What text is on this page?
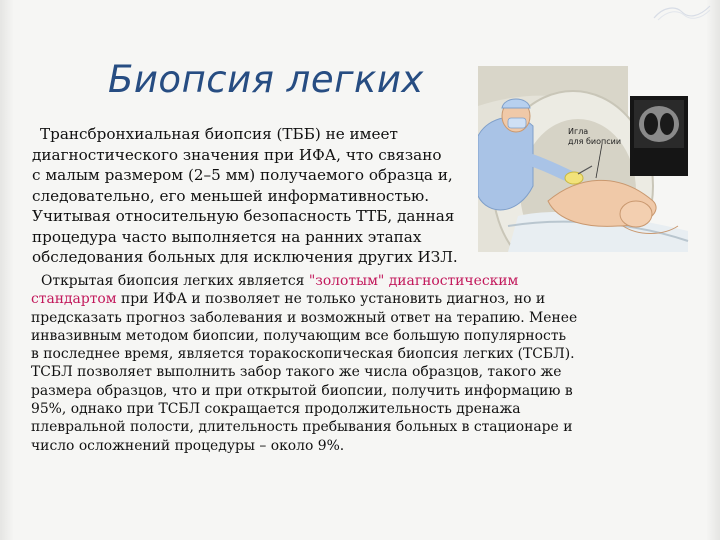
Биопсия легких
Трансбронхиальная биопсия (ТББ) не имеет
диагностического значения при ИФА, что связано
с малым размером (2–5 мм) получаемого образца и,
следовательно, его меньшей информативностью.
Учитывая относительную безопасность ТТБ, данная
процедура часто выполняется на ранних этапах
обследования больных для исключения других ИЗЛ.
Игла
для биопсии
Открытая биопсия легких является "золотым" диагностическим
стандартом при ИФА и позволяет не только установить диагноз, но и
предсказать прогноз заболевания и возможный ответ на терапию. Менее
инвазивным методом биопсии, получающим все большую популярность
в последнее время, является торакоскопическая биопсия легких (ТСБЛ).
ТСБЛ позволяет выполнить забор такого же числа образцов, такого же
размера образцов, что и при открытой биопсии, получить информацию в
95%, однако при ТСБЛ сокращается продолжительность дренажа
плевральной полости, длительность пребывания больных в стационаре и
число осложнений процедуры – около 9%.
